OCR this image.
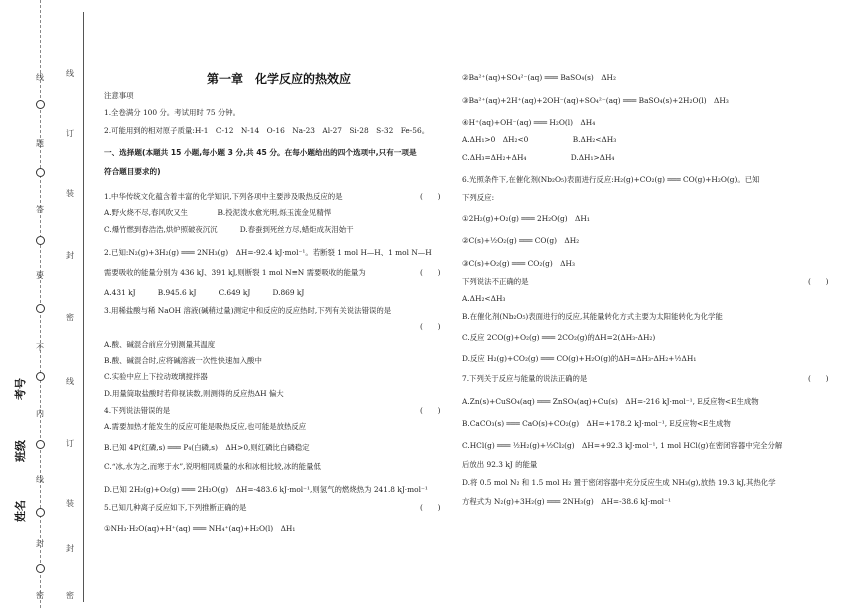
线
订
装
封
密
线
订
装
封
密
题
答
要
不
内
线
封
密
线
考号
班级
姓名
第一章　化学反应的热效应
注意事项
1.全卷满分 100 分。考试用时 75 分钟。
2.可能用到的相对原子质量:H-1　C-12　N-14　O-16　Na-23　Al-27　Si-28　S-32　Fe-56。
一、选择题(本题共 15 小题,每小题 3 分,共 45 分。在每小题给出的四个选项中,只有一项是
符合题目要求的)
1.中华传统文化蕴含着丰富的化学知识,下列各项中主要涉及吸热反应的是	(　　)
A.野火烧不尽,春风吹又生　　　　B.投泥泼水愈光明,烁玉流金见精悍
C.爆竹燃到春浩浩,烘炉照破夜沉沉　　　D.春蚕到死丝方尽,蜡炬成灰泪始干
2.已知:N₂(g)+3H₂(g) ═══ 2NH₃(g)　ΔH=-92.4 kJ·mol⁻¹。若断裂 1 mol H—H、1 mol N—H
需要吸收的能量分别为 436 kJ、391 kJ,则断裂 1 mol N≡N 需要吸收的能量为	(　　)
A.431 kJ　　　B.945.6 kJ　　　C.649 kJ　　　D.869 kJ
3.用稀盐酸与稀 NaOH 溶液(碱稍过量)测定中和反应的反应热时,下列有关说法错误的是
(　　)
A.酸、碱混合前应分别测量其温度
B.酸、碱混合时,应将碱溶液一次性快速加入酸中
C.实验中应上下拉动玻璃搅拌器
D.用量筒取盐酸时若仰视读数,则测得的反应热ΔH 偏大
4.下列说法错误的是	(　　)
A.需要加热才能发生的反应可能是吸热反应,也可能是放热反应
B.已知 4P(红磷,s) ═══ P₄(白磷,s)　ΔH>0,则红磷比白磷稳定
C.“冰,水为之,而寒于水”,说明相同质量的水和冰相比较,冰的能量低
D.已知 2H₂(g)+O₂(g) ═══ 2H₂O(g)　ΔH=-483.6 kJ·mol⁻¹,则氢气的燃烧热为 241.8 kJ·mol⁻¹
5.已知几种离子反应如下,下列推断正确的是	(　　)
①NH₃·H₂O(aq)+H⁺(aq) ═══ NH₄⁺(aq)+H₂O(l)　ΔH₁
②Ba²⁺(aq)+SO₄²⁻(aq) ═══ BaSO₄(s)　ΔH₂
③Ba²⁺(aq)+2H⁺(aq)+2OH⁻(aq)+SO₄²⁻(aq) ═══ BaSO₄(s)+2H₂O(l)　ΔH₃
④H⁺(aq)+OH⁻(aq) ═══ H₂O(l)　ΔH₄
A.ΔH₁>0　ΔH₂<0　　　　　　B.ΔH₂<ΔH₃
C.ΔH₃=ΔH₂+ΔH₄　　　　　　D.ΔH₁>ΔH₄
6.光照条件下,在催化剂(Nb₂O₅)表面进行反应:H₂(g)+CO₂(g) ═══ CO(g)+H₂O(g)。已知
下列反应:
①2H₂(g)+O₂(g) ═══ 2H₂O(g)　ΔH₁
②C(s)+½O₂(g) ═══ CO(g)　ΔH₂
③C(s)+O₂(g) ═══ CO₂(g)　ΔH₃
下列说法不正确的是	(　　)
A.ΔH₂<ΔH₃
B.在催化剂(Nb₂O₅)表面进行的反应,其能量转化方式主要为太阳能转化为化学能
C.反应 2CO(g)+O₂(g) ═══ 2CO₂(g)的ΔH=2(ΔH₃-ΔH₂)
D.反应 H₂(g)+CO₂(g) ═══ CO(g)+H₂O(g)的ΔH=ΔH₃-ΔH₂+½ΔH₁
7.下列关于反应与能量的说法正确的是	(　　)
A.Zn(s)+CuSO₄(aq) ═══ ZnSO₄(aq)+Cu(s)　ΔH=-216 kJ·mol⁻¹, E反应物<E生成物
B.CaCO₃(s) ═══ CaO(s)+CO₂(g)　ΔH=+178.2 kJ·mol⁻¹, E反应物<E生成物
C.HCl(g) ═══ ½H₂(g)+½Cl₂(g)　ΔH=+92.3 kJ·mol⁻¹, 1 mol HCl(g)在密闭容器中完全分解
后放出 92.3 kJ 的能量
D.将 0.5 mol N₂ 和 1.5 mol H₂ 置于密闭容器中充分反应生成 NH₃(g),放热 19.3 kJ,其热化学
方程式为 N₂(g)+3H₂(g) ═══ 2NH₃(g)　ΔH=-38.6 kJ·mol⁻¹
